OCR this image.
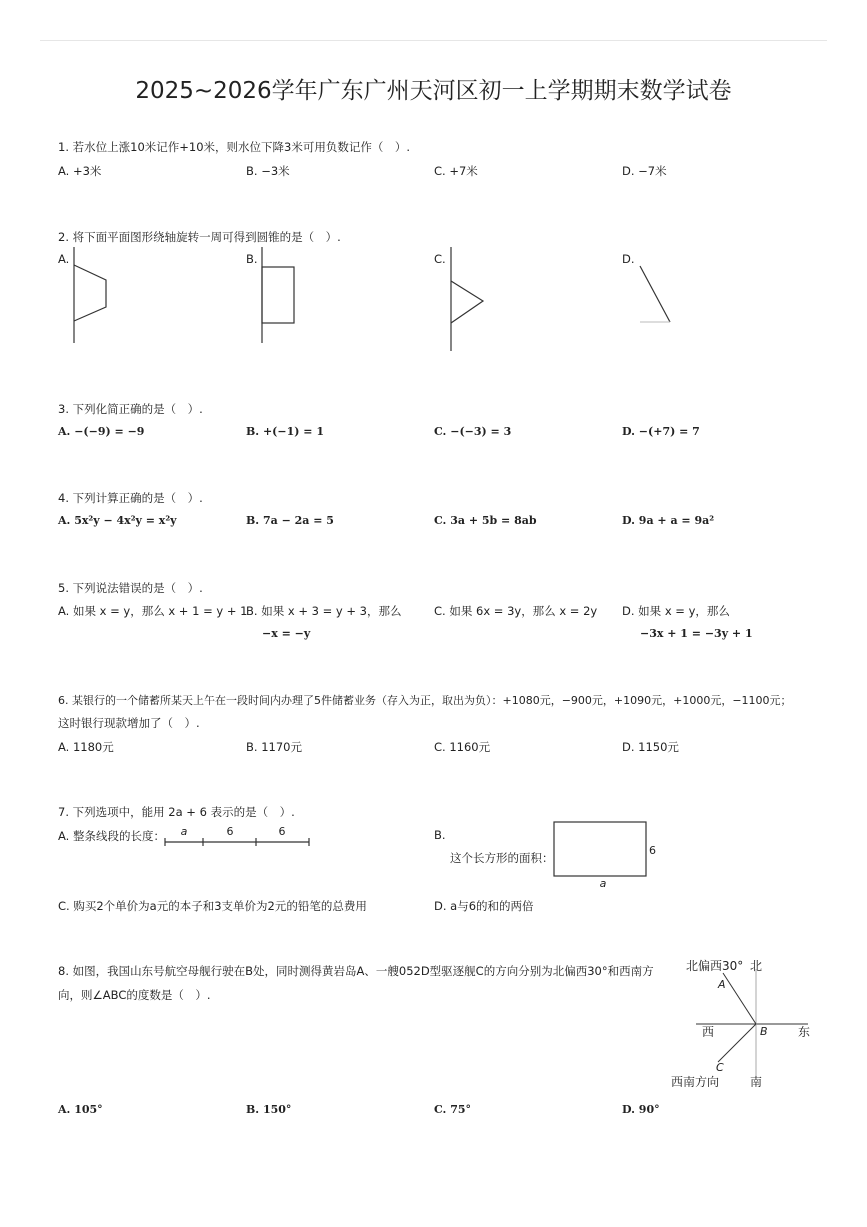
2025~2026学年广东广州天河区初一上学期期末数学试卷
1. 若水位上涨10米记作+10米，则水位下降3米可用负数记作（　）.
A. +3米	B. −3米	C. +7米	D. −7米
2. 将下面平面图形绕轴旋转一周可得到圆锥的是（　）.
A.	B.	C.	D.
3. 下列化简正确的是（　）.
A. −(−9) = −9	B. +(−1) = 1	C. −(−3) = 3	D. −(+7) = 7
4. 下列计算正确的是（　）.
A. 5x²y − 4x²y = x²y	B. 7a − 2a = 5	C. 3a + 5b = 8ab	D. 9a + a = 9a²
5. 下列说法错误的是（　）.
A. 如果 x = y，那么 x + 1 = y + 1
B. 如果 x + 3 = y + 3，那么
−x = −y
C. 如果 6x = 3y，那么 x = 2y D. 如果 x = y，那么
−3x + 1 = −3y + 1
6. 某银行的一个储蓄所某天上午在一段时间内办理了5件储蓄业务（存入为正，取出为负）：+1080元，−900元，+1090元，+1000元，−1100元；
这时银行现款增加了（　）.
A. 1180元	B. 1170元	C. 1160元	D. 1150元
7. 下列选项中，能用 2a + 6 表示的是（　）.
A. 整条线段的长度： a	6	6	B.
这个长方形的面积：
6
a
C. 购买2个单价为a元的本子和3支单价为2元的铅笔的总费用	D. a与6的和的两倍
8. 如图，我国山东号航空母舰行驶在B处，同时测得黄岩岛A、一艘052D型驱逐舰C的方向分别为北偏西30°和西南方
向，则∠ABC的度数是（　）.
北偏西30° 北
A
西	B	东
C
西南方向	南
A. 105°	B. 150°	C. 75°	D. 90°
